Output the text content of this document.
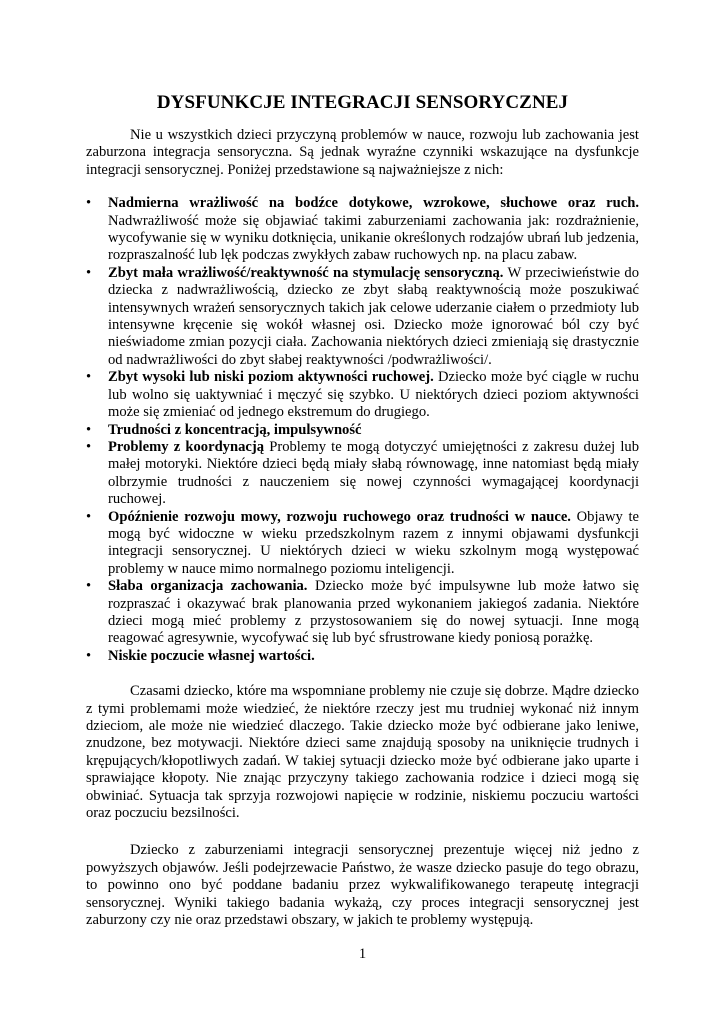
DYSFUNKCJE INTEGRACJI SENSORYCZNEJ

Nie u wszystkich dzieci przyczyną problemów w nauce, rozwoju lub zachowania jest zaburzona integracja sensoryczna. Są jednak wyraźne czynniki wskazujące na dysfunkcje integracji sensorycznej. Poniżej przedstawione są najważniejsze z nich:

•	Nadmierna wrażliwość na bodźce dotykowe, wzrokowe, słuchowe oraz ruch. Nadwrażliwość może się objawiać takimi zaburzeniami zachowania jak: rozdrażnienie, wycofywanie się w wyniku dotknięcia, unikanie określonych rodzajów ubrań lub jedzenia, rozpraszalność lub lęk podczas zwykłych zabaw ruchowych np. na placu zabaw.
•	Zbyt mała wrażliwość/reaktywność na stymulację sensoryczną. W przeciwieństwie do dziecka z nadwrażliwością, dziecko ze zbyt słabą reaktywnością może poszukiwać intensywnych wrażeń sensorycznych takich jak celowe uderzanie ciałem o przedmioty lub intensywne kręcenie się wokół własnej osi. Dziecko może ignorować ból czy być nieświadome zmian pozycji ciała. Zachowania niektórych dzieci zmieniają się drastycznie od nadwrażliwości do zbyt słabej reaktywności /podwrażliwości/.
•	Zbyt wysoki lub niski poziom aktywności ruchowej. Dziecko może być ciągle w ruchu lub wolno się uaktywniać i męczyć się szybko. U niektórych dzieci poziom aktywności może się zmieniać od jednego ekstremum do drugiego.
•	Trudności z koncentracją, impulsywność
•	Problemy z koordynacją Problemy te mogą dotyczyć umiejętności z zakresu dużej lub małej motoryki. Niektóre dzieci będą miały słabą równowagę, inne natomiast będą miały olbrzymie trudności z nauczeniem się nowej czynności wymagającej koordynacji ruchowej.
•	Opóźnienie rozwoju mowy, rozwoju ruchowego oraz trudności w nauce. Objawy te mogą być widoczne w wieku przedszkolnym razem z innymi objawami dysfunkcji integracji sensorycznej. U niektórych dzieci w wieku szkolnym mogą występować problemy w nauce mimo normalnego poziomu inteligencji.
•	Słaba organizacja zachowania. Dziecko może być impulsywne lub może łatwo się rozpraszać i okazywać brak planowania przed wykonaniem jakiegoś zadania. Niektóre dzieci mogą mieć problemy z przystosowaniem się do nowej sytuacji. Inne mogą reagować agresywnie, wycofywać się lub być sfrustrowane kiedy poniosą porażkę.
•	Niskie poczucie własnej wartości.

Czasami dziecko, które ma wspomniane problemy nie czuje się dobrze. Mądre dziecko z tymi problemami może wiedzieć, że niektóre rzeczy jest mu trudniej wykonać niż innym dzieciom, ale może nie wiedzieć dlaczego. Takie dziecko może być odbierane jako leniwe, znudzone, bez motywacji. Niektóre dzieci same znajdują sposoby na uniknięcie trudnych i krępujących/kłopotliwych zadań. W takiej sytuacji dziecko może być odbierane jako uparte i sprawiające kłopoty. Nie znając przyczyny takiego zachowania rodzice i dzieci mogą się obwiniać. Sytuacja tak sprzyja rozwojowi napięcie w rodzinie, niskiemu poczuciu wartości oraz poczuciu bezsilności.

Dziecko z zaburzeniami integracji sensorycznej prezentuje więcej niż jedno z powyższych objawów. Jeśli podejrzewacie Państwo, że wasze dziecko pasuje do tego obrazu, to powinno ono być poddane badaniu przez wykwalifikowanego terapeutę integracji sensorycznej. Wyniki takiego badania wykażą, czy proces integracji sensorycznej jest zaburzony czy nie oraz przedstawi obszary, w jakich te problemy występują.

1
